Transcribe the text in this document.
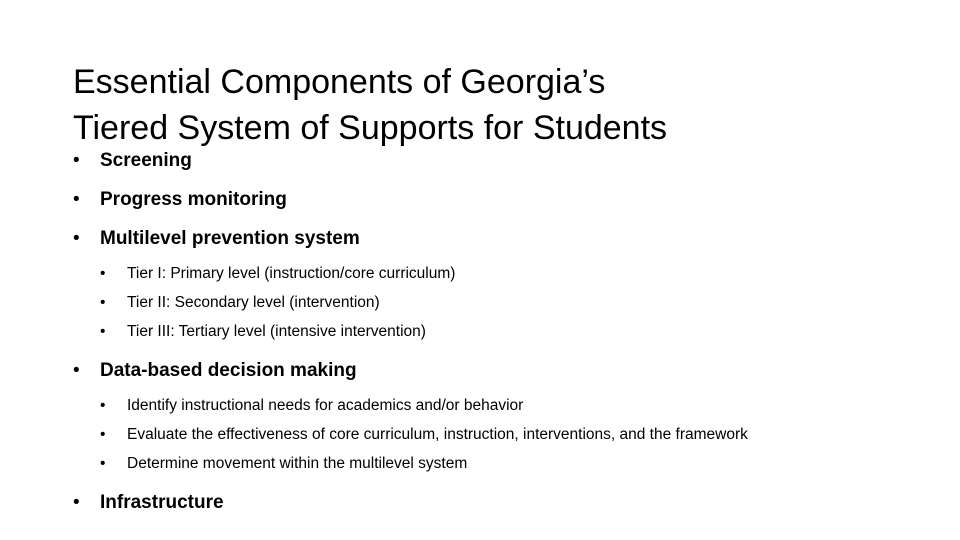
Essential Components of Georgia’s
Tiered System of Supports for Students
• Screening
• Progress monitoring
• Multilevel prevention system
• Tier I: Primary level (instruction/core curriculum)
• Tier II: Secondary level (intervention)
• Tier III: Tertiary level (intensive intervention)
• Data-based decision making
• Identify instructional needs for academics and/or behavior
• Evaluate the effectiveness of core curriculum, instruction, interventions, and the framework
• Determine movement within the multilevel system
• Infrastructure
